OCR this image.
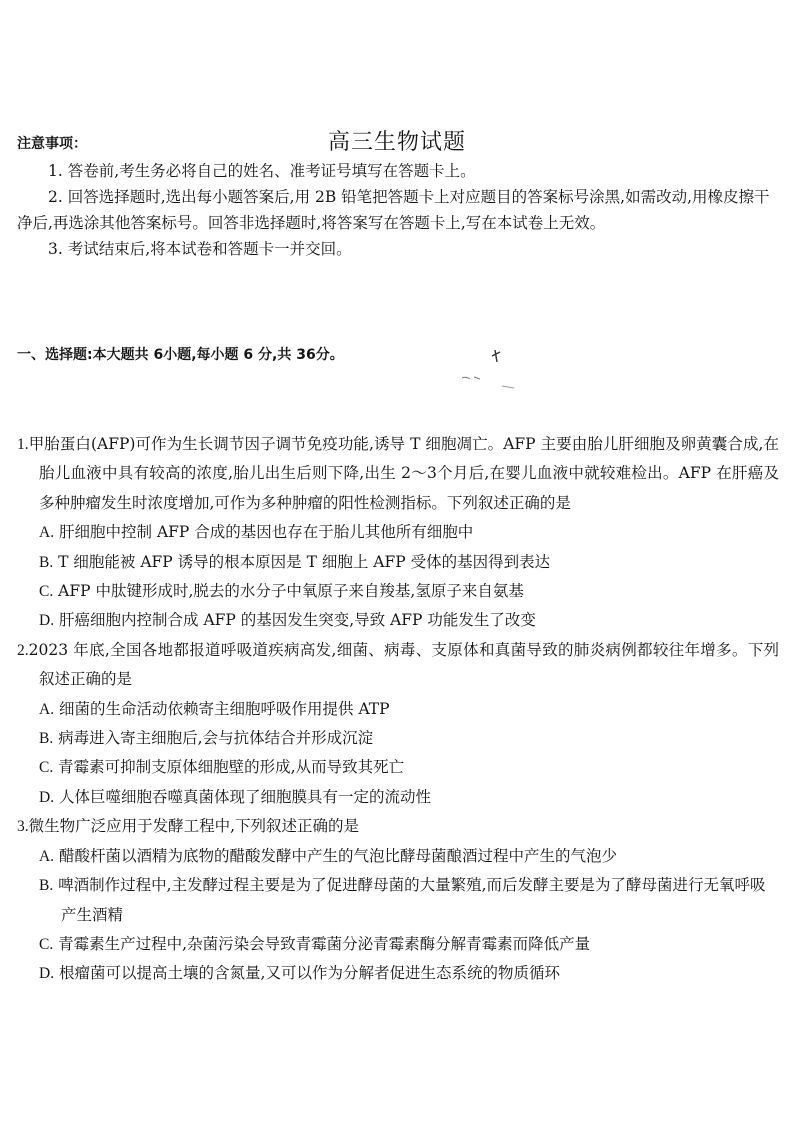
注意事项：	高三生物试题

1. 答卷前,考生务必将自己的姓名、准考证号填写在答题卡上。

2. 回答选择题时,选出每小题答案后,用 2B 铅笔把答题卡上对应题目的答案标号涂黑,如需改动,用橡皮擦干净后,再选涂其他答案标号。回答非选择题时,将答案写在答题卡上,写在本试卷上无效。

3. 考试结束后,将本试卷和答题卡一并交回。

一、选择题:本大题共 6小题,每小题 6 分,共 36分。

1.甲胎蛋白(AFP)可作为生长调节因子调节免疫功能,诱导 T 细胞凋亡。AFP 主要由胎儿肝细胞及卵黄囊合成,在胎儿血液中具有较高的浓度,胎儿出生后则下降,出生 2～3个月后,在婴儿血液中就较难检出。AFP 在肝癌及多种肿瘤发生时浓度增加,可作为多种肿瘤的阳性检测指标。下列叙述正确的是

A. 肝细胞中控制 AFP 合成的基因也存在于胎儿其他所有细胞中

B. T 细胞能被 AFP 诱导的根本原因是 T 细胞上 AFP 受体的基因得到表达

C. AFP 中肽键形成时,脱去的水分子中氧原子来自羧基,氢原子来自氨基

D. 肝癌细胞内控制合成 AFP 的基因发生突变,导致 AFP 功能发生了改变

2.2023 年底,全国各地都报道呼吸道疾病高发,细菌、病毒、支原体和真菌导致的肺炎病例都较往年增多。下列叙述正确的是

A. 细菌的生命活动依赖寄主细胞呼吸作用提供 ATP

B. 病毒进入寄主细胞后,会与抗体结合并形成沉淀

C. 青霉素可抑制支原体细胞壁的形成,从而导致其死亡

D. 人体巨噬细胞吞噬真菌体现了细胞膜具有一定的流动性

3.微生物广泛应用于发酵工程中,下列叙述正确的是

A. 醋酸杆菌以酒精为底物的醋酸发酵中产生的气泡比酵母菌酿酒过程中产生的气泡少

B. 啤酒制作过程中,主发酵过程主要是为了促进酵母菌的大量繁殖,而后发酵主要是为了酵母菌进行无氧呼吸产生酒精

C. 青霉素生产过程中,杂菌污染会导致青霉菌分泌青霉素酶分解青霉素而降低产量

D. 根瘤菌可以提高土壤的含氮量,又可以作为分解者促进生态系统的物质循环
